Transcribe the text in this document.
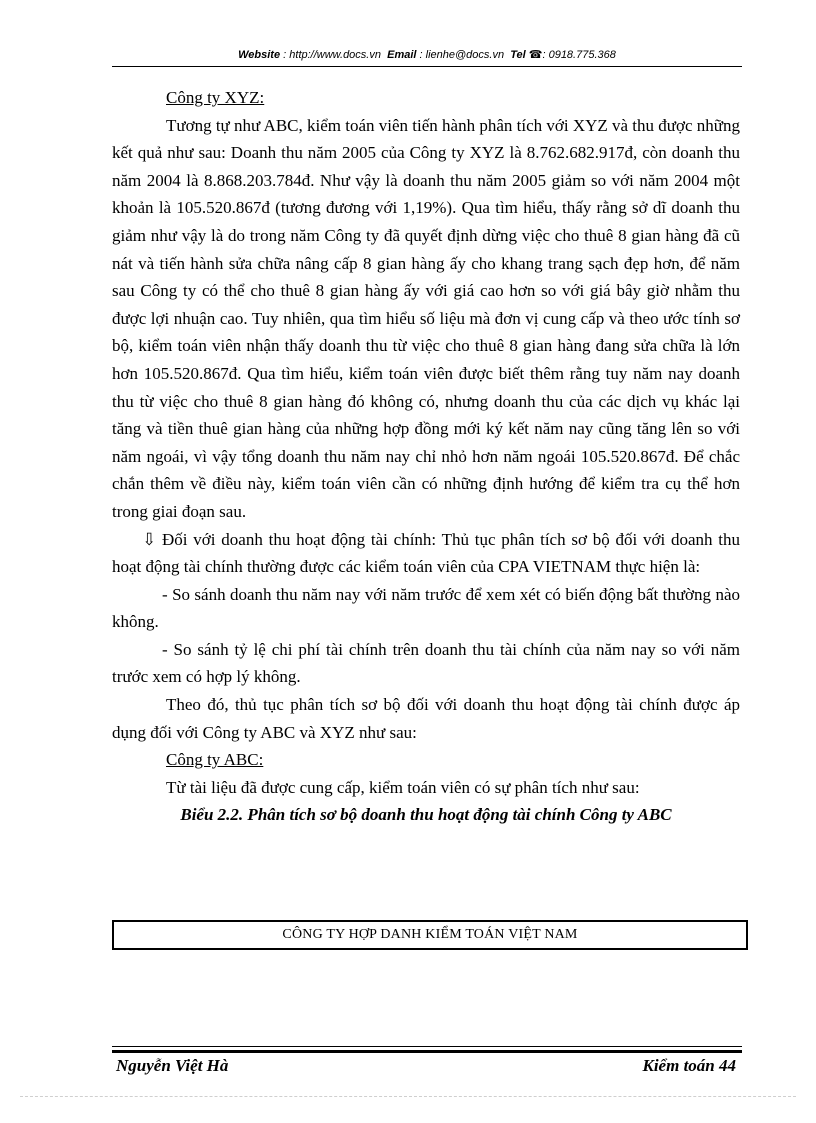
Website : http://www.docs.vn Email : lienhe@docs.vn Tel ☎: 0918.775.368

Công ty XYZ:

Tương tự như ABC, kiểm toán viên tiến hành phân tích với XYZ và thu được những kết quả như sau: Doanh thu năm 2005 của Công ty XYZ là 8.762.682.917đ, còn doanh thu năm 2004 là 8.868.203.784đ. Như vậy là doanh thu năm 2005 giảm so với năm 2004 một khoản là 105.520.867đ (tương đương với 1,19%). Qua tìm hiểu, thấy rằng sở dĩ doanh thu giảm như vậy là do trong năm Công ty đã quyết định dừng việc cho thuê 8 gian hàng đã cũ nát và tiến hành sửa chữa nâng cấp 8 gian hàng ấy cho khang trang sạch đẹp hơn, để năm sau Công ty có thể cho thuê 8 gian hàng ấy với giá cao hơn so với giá bây giờ nhằm thu được lợi nhuận cao. Tuy nhiên, qua tìm hiểu số liệu mà đơn vị cung cấp và theo ước tính sơ bộ, kiểm toán viên nhận thấy doanh thu từ việc cho thuê 8 gian hàng đang sửa chữa là lớn hơn 105.520.867đ. Qua tìm hiểu, kiểm toán viên được biết thêm rằng tuy năm nay doanh thu từ việc cho thuê 8 gian hàng đó không có, nhưng doanh thu của các dịch vụ khác lại tăng và tiền thuê gian hàng của những hợp đồng mới ký kết năm nay cũng tăng lên so với năm ngoái, vì vậy tổng doanh thu năm nay chỉ nhỏ hơn năm ngoái 105.520.867đ. Để chắc chắn thêm về điều này, kiểm toán viên cần có những định hướng để kiểm tra cụ thể hơn trong giai đoạn sau.

⇩ Đối với doanh thu hoạt động tài chính: Thủ tục phân tích sơ bộ đối với doanh thu hoạt động tài chính thường được các kiểm toán viên của CPA VIETNAM thực hiện là:

- So sánh doanh thu năm nay với năm trước để xem xét có biến động bất thường nào không.

- So sánh tỷ lệ chi phí tài chính trên doanh thu tài chính của năm nay so với năm trước xem có hợp lý không.

Theo đó, thủ tục phân tích sơ bộ đối với doanh thu hoạt động tài chính được áp dụng đối với Công ty ABC và XYZ như sau:

Công ty ABC:

Từ tài liệu đã được cung cấp, kiểm toán viên có sự phân tích như sau:

Biểu 2.2. Phân tích sơ bộ doanh thu hoạt động tài chính Công ty ABC

CÔNG TY HỢP DANH KIỂM TOÁN VIỆT NAM
Nguyễn Việt Hà	Kiểm toán 44
